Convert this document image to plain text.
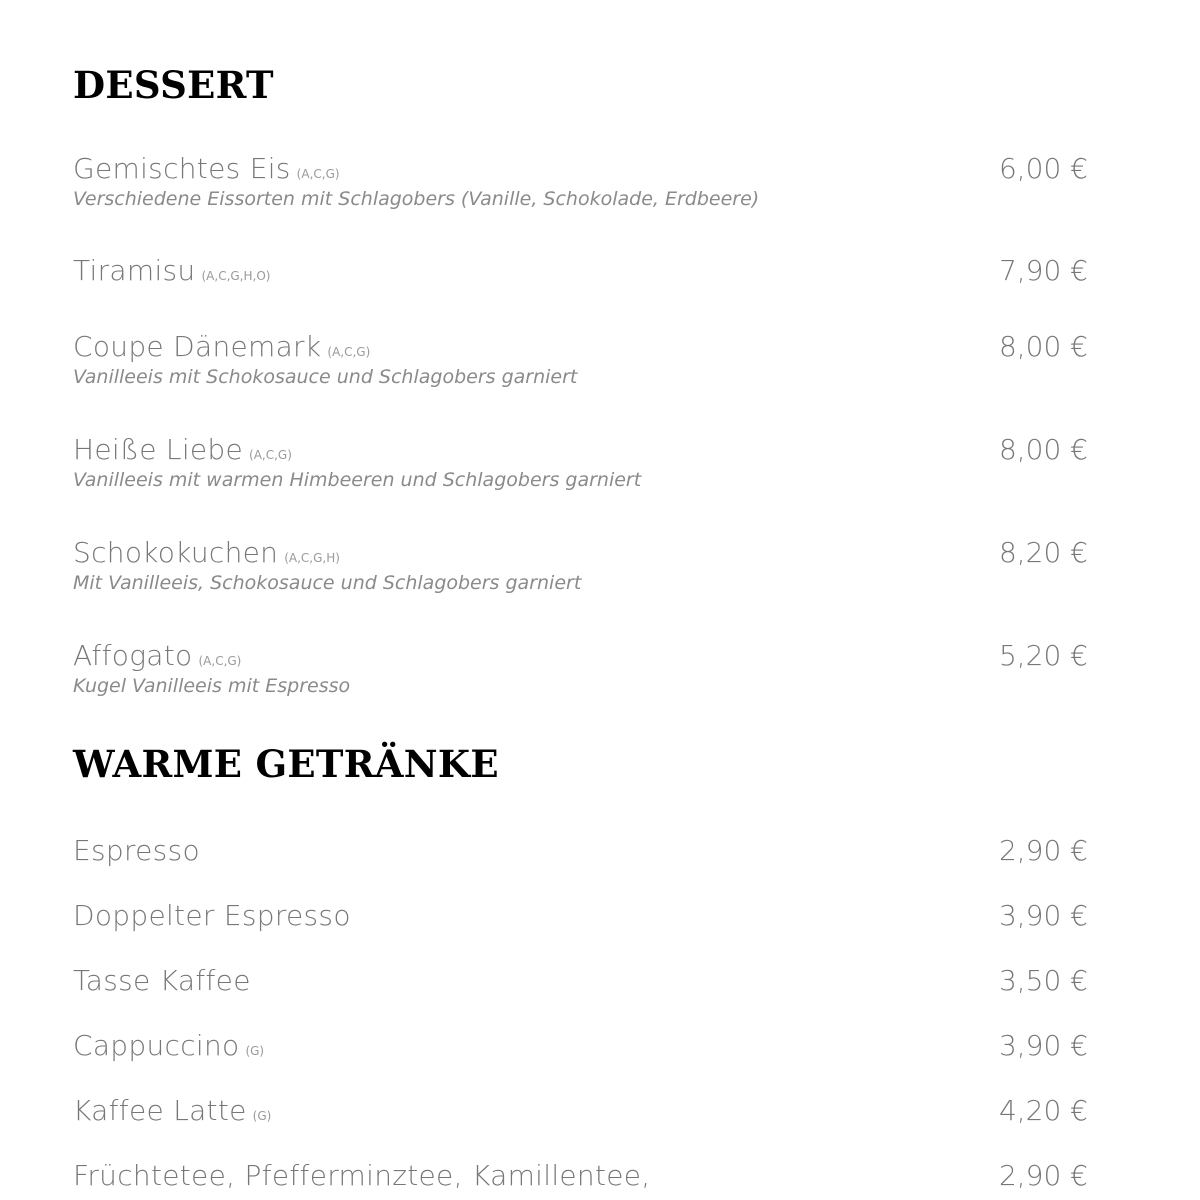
DESSERT
Gemischtes Eis (A,C,G)	6,00 €
Verschiedene Eissorten mit Schlagobers (Vanille, Schokolade, Erdbeere)
Tiramisu (A,C,G,H,O)	7,90 €
Coupe Dänemark (A,C,G)	8,00 €
Vanilleeis mit Schokosauce und Schlagobers garniert
Heiße Liebe (A,C,G)	8,00 €
Vanilleeis mit warmen Himbeeren und Schlagobers garniert
Schokokuchen (A,C,G,H)	8,20 €
Mit Vanilleeis, Schokosauce und Schlagobers garniert
Affogato (A,C,G)	5,20 €
Kugel Vanilleeis mit Espresso
WARME GETRÄNKE
Espresso	2,90 €
Doppelter Espresso	3,90 €
Tasse Kaffee	3,50 €
Cappuccino (G)	3,90 €
Kaffee Latte (G)	4,20 €
Früchtetee, Pfefferminztee, Kamillentee,	2,90 €
